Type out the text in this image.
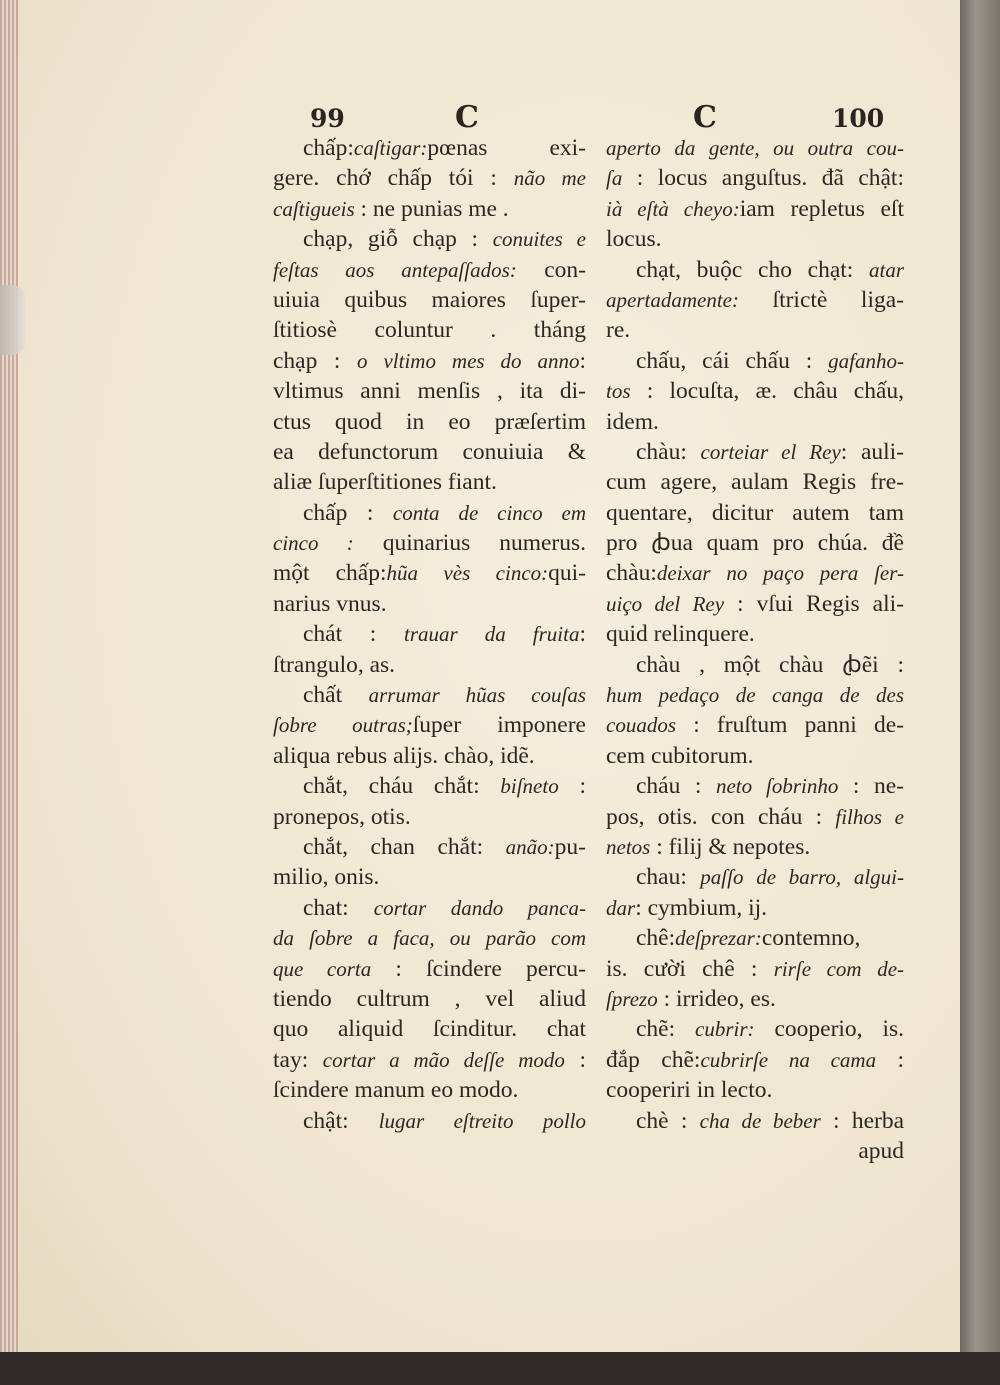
99	C	C	100
chấp:caſtigar:pœnas exi-
gere. chớ chấp tói : não me
caſtigueis : ne punias me .
chạp, giỗ chạp : conuites e
feſtas aos antepaſſados: con-
uiuia quibus maiores ſuper-
ſtitiosè coluntur . tháng
chạp : o vltimo mes do anno:
vltimus anni menſis , ita di-
ctus quod in eo præſertim
ea defunctorum conuiuia &
aliæ ſuperſtitiones fiant.
chấp : conta de cinco em
cinco : quinarius numerus.
một chấp:hũa vès cinco:qui-
narius vnus.
chát : trauar da fruita:
ſtrangulo, as.
chất arrumar hũas couſas
ſobre outras;ſuper imponere
aliqua rebus alijs. chào, idẽ.
chắt, cháu chắt: biſneto :
pronepos, otis.
chắt, chan chắt: anão:pu-
milio, onis.
chat: cortar dando panca-
da ſobre a faca, ou parão com
que corta : ſcindere percu-
tiendo cultrum , vel aliud
quo aliquid ſcinditur. chat
tay: cortar a mão deſſe modo :
ſcindere manum eo modo.
chật: lugar eſtreito pollo
aperto da gente, ou outra cou-
ſa : locus anguſtus. đã chật:
ià eſtà cheyo:iam repletus eſt
locus.
chạt, buộc cho chạt: atar
apertadamente: ſtrictè liga-
re.
chấu, cái chấu : gafanho-
tos : locuſta, æ. châu chấu,
idem.
chàu: corteiar el Rey: auli-
cum agere, aulam Regis fre-
quentare, dicitur autem tam
pro ꞗua quam pro chúa. đề
chàu:deixar no paço pera ſer-
uiço del Rey : vſui Regis ali-
quid relinquere.
chàu , một chàu ꞗẽi :
hum pedaço de canga de des
couados : fruſtum panni de-
cem cubitorum.
cháu : neto ſobrinho : ne-
pos, otis. con cháu : filhos e
netos : filij & nepotes.
chau: paſſo de barro, algui-
dar: cymbium, ij.
chê:deſprezar:contemno,
is. cười chê : rirſe com de-
ſprezo : irrideo, es.
chẽ: cubrir: cooperio, is.
đắp chẽ:cubrirſe na cama :
cooperiri in lecto.
chè : cha de beber : herba
apud
